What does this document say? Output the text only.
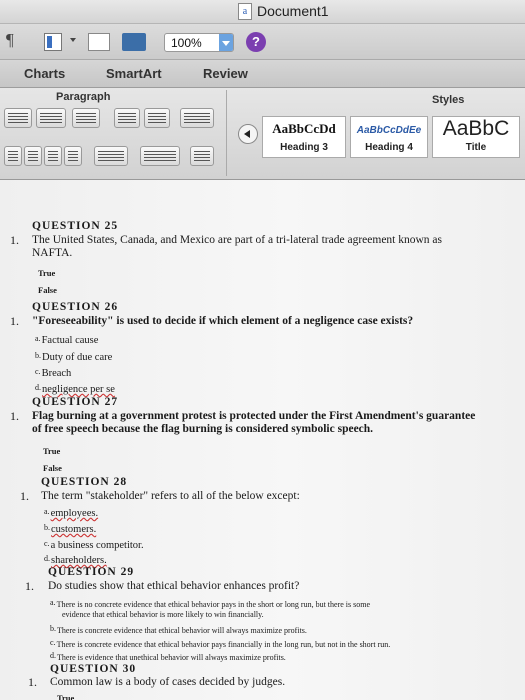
a Document1
¶	100%	?
Charts	SmartArt	Review
Paragraph	Styles
AaBbCcDd
Heading 3
AaBbCcDdEe
Heading 4
AaBbC
Title
QUESTION 25
1. The United States, Canada, and Mexico are part of a tri-lateral trade agreement known as
NAFTA.
True
False
QUESTION 26
1. "Foreseeability" is used to decide if which element of a negligence case exists?
a.Factual cause
b.Duty of due care
c.Breach
d.negligence per se
QUESTION 27
1. Flag burning at a government protest is protected under the First Amendment's guarantee
of free speech because the flag burning is considered symbolic speech.
True
False
QUESTION 28
1. The term "stakeholder" refers to all of the below except:
a.employees.
b.customers.
c.a business competitor.
d.shareholders.
QUESTION 29
1. Do studies show that ethical behavior enhances profit?
a.There is no concrete evidence that ethical behavior pays in the short or long run, but there is some
evidence that ethical behavior is more likely to win financially.
b.There is concrete evidence that ethical behavior will always maximize profits.
c.There is concrete evidence that ethical behavior pays financially in the long run, but not in the short run.
d.There is evidence that unethical behavior will always maximize profits.
QUESTION 30
1. Common law is a body of cases decided by judges.
True
